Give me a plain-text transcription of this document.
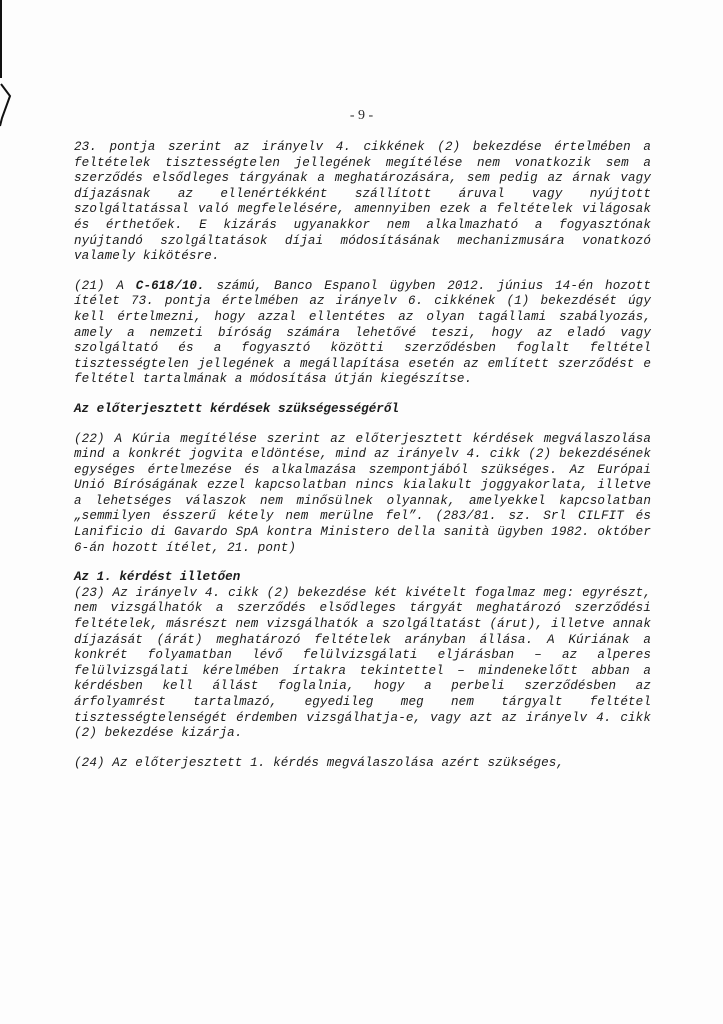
- 9 -

23. pontja szerint az irányelv 4. cikkének (2) bekezdése értelmében a feltételek tisztességtelen jellegének megítélése nem vonatkozik sem a szerződés elsődleges tárgyának a meghatározására, sem pedig az árnak vagy díjazásnak az ellenértékként szállított áruval vagy nyújtott szolgáltatással való megfelelésére, amennyiben ezek a feltételek világosak és érthetőek. E kizárás ugyanakkor nem alkalmazható a fogyasztónak nyújtandó szolgáltatások díjai módosításának mechanizmusára vonatkozó valamely kikötésre.

(21) A C-618/10. számú, Banco Espanol ügyben 2012. június 14-én hozott ítélet 73. pontja értelmében az irányelv 6. cikkének (1) bekezdését úgy kell értelmezni, hogy azzal ellentétes az olyan tagállami szabályozás, amely a nemzeti bíróság számára lehetővé teszi, hogy az eladó vagy szolgáltató és a fogyasztó közötti szerződésben foglalt feltétel tisztességtelen jellegének a megállapítása esetén az említett szerződést e feltétel tartalmának a módosítása útján kiegészítse.

Az előterjesztett kérdések szükségességéről

(22) A Kúria megítélése szerint az előterjesztett kérdések megválaszolása mind a konkrét jogvita eldöntése, mind az irányelv 4. cikk (2) bekezdésének egységes értelmezése és alkalmazása szempontjából szükséges. Az Európai Unió Bíróságának ezzel kapcsolatban nincs kialakult joggyakorlata, illetve a lehetséges válaszok nem minősülnek olyannak, amelyekkel kapcsolatban „semmilyen ésszerű kétely nem merülne fel”. (283/81. sz. Srl CILFIT és Lanificio di Gavardo SpA kontra Ministero della sanità ügyben 1982. október 6-án hozott ítélet, 21. pont)

Az 1. kérdést illetően

(23) Az irányelv 4. cikk (2) bekezdése két kivételt fogalmaz meg: egyrészt, nem vizsgálhatók a szerződés elsődleges tárgyát meghatározó szerződési feltételek, másrészt nem vizsgálhatók a szolgáltatást (árut), illetve annak díjazását (árát) meghatározó feltételek arányban állása. A Kúriának a konkrét folyamatban lévő felülvizsgálati eljárásban – az alperes felülvizsgálati kérelmében írtakra tekintettel – mindenekelőtt abban a kérdésben kell állást foglalnia, hogy a perbeli szerződésben az árfolyamrést tartalmazó, egyedileg meg nem tárgyalt feltétel tisztességtelenségét érdemben vizsgálhatja-e, vagy azt az irányelv 4. cikk (2) bekezdése kizárja.

(24) Az előterjesztett 1. kérdés megválaszolása azért szükséges,
